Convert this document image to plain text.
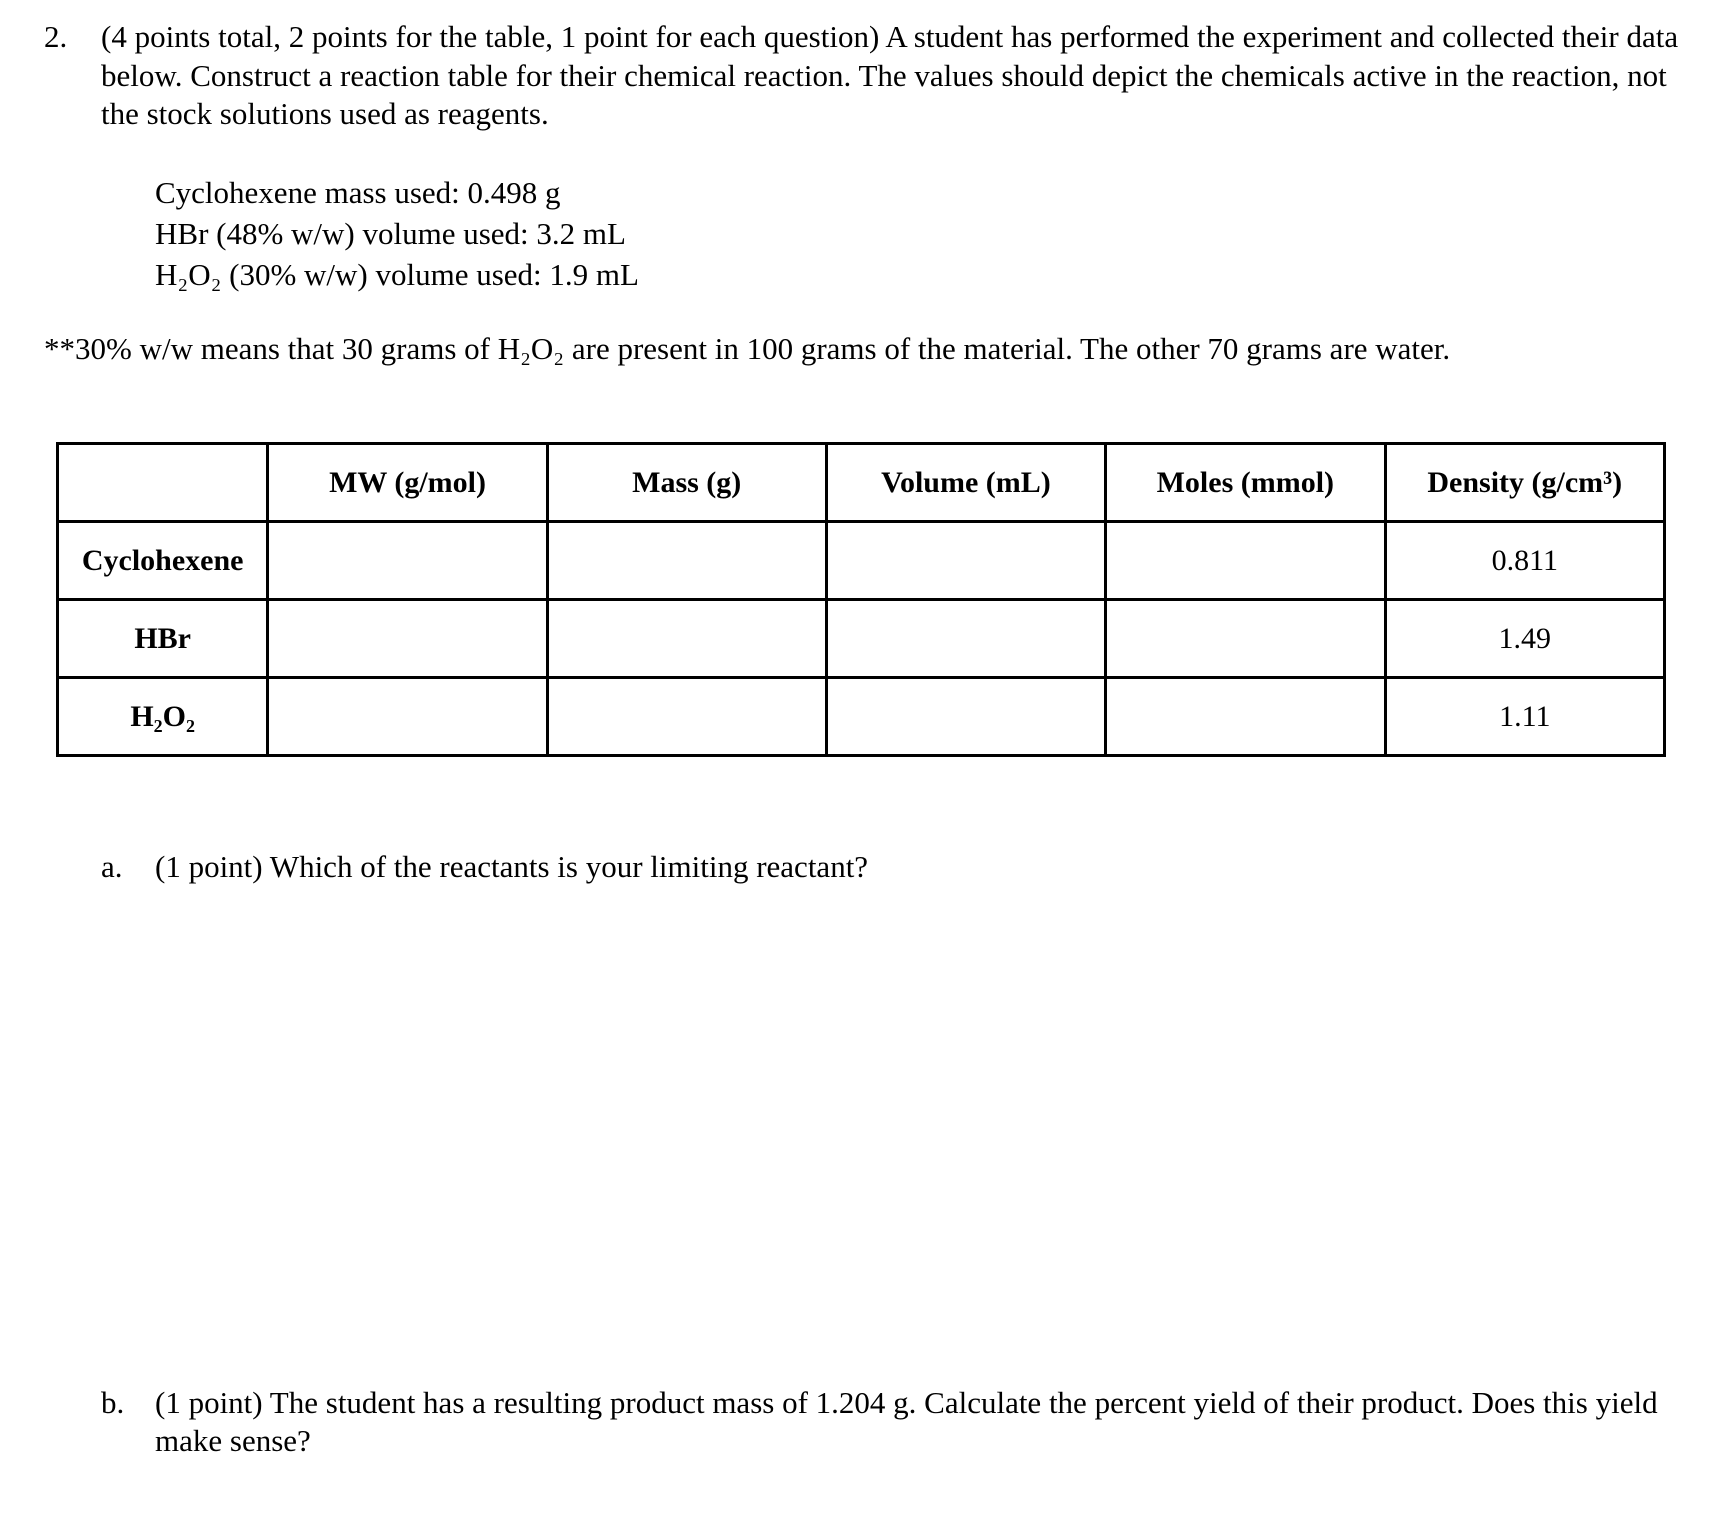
2. (4 points total, 2 points for the table, 1 point for each question) A student has performed the experiment and collected their data below. Construct a reaction table for their chemical reaction. The values should depict the chemicals active in the reaction, not the stock solutions used as reagents.
Cyclohexene mass used: 0.498 g
HBr (48% w/w) volume used: 3.2 mL
H₂O₂ (30% w/w) volume used: 1.9 mL
**30% w/w means that 30 grams of H₂O₂ are present in 100 grams of the material. The other 70 grams are water.
	MW (g/mol)	Mass (g)	Volume (mL)	Moles (mmol)	Density (g/cm³)
Cyclohexene					0.811
HBr					1.49
H₂O₂					1.11
a. (1 point) Which of the reactants is your limiting reactant?
b. (1 point) The student has a resulting product mass of 1.204 g. Calculate the percent yield of their product. Does this yield make sense?
